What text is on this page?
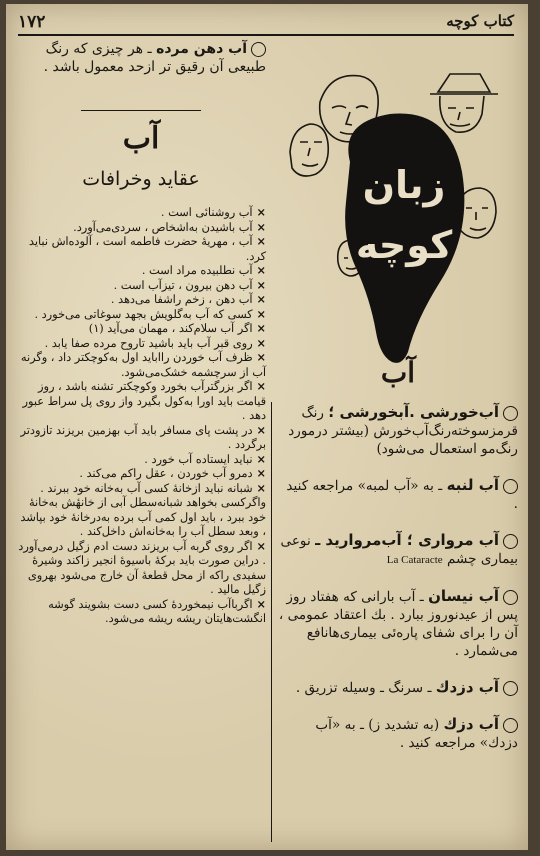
۱۷۲	کتاب کوچه
آب دهن مرده ـ هر چیزی که رنگ طبیعی آن رقیق تر ازحد معمول باشد .
آب
عقاید وخرافات
×آب روشنائی است .
×آب باشیدن به‌اشخاص ، سردی‌می‌آورد.
×آب ، مهریهٔ حضرت فاطمه است ، آلوده‌اش نباید کرد.
×آب نطلبیده مراد است .
×آب دهن بیرون ، تیزآب است .
×آب دهن ، زخم راشفا می‌دهد .
×کسی که آب به‌گلویش بجهد سوغاتی می‌خورد .
×اگر آب سلام‌کند ، مهمان می‌آید (۱)
×روی قبر آب باید باشید تاروح مرده صفا یابد .
×ظرف آب خوردن رااباید اول به‌کوچکتر داد ، وگرنه آب از سرچشمه خشک‌می‌شود.
×اگر بزرگترآب بخورد وکوچکتر تشنه باشد ، روز قیامت باید اورا به‌کول بگیرد واز روی پل سراط عبور دهد .
×در پشت پای مسافر باید آب بهزمین بریزند تازودتر برگردد .
×نباید ایستاده آب خورد .
×دمرو آب خوردن ، عقل راکم می‌کند .
×شبانه نباید ازخانهٔ کسی آب به‌خانه خود ببرند . واگرکسی بخواهد شبانه‌سطل آبی از خانهٔش به‌خانهٔ خود ببرد ، باید اول کمی آب برده به‌درخانهٔ خود بپاشد ، وبعد سطل آب را به‌خانه‌اش داخل‌کند .
×اگر روی گربه آب بریزند دست ادم زگیل درمی‌آورد . دراین صورت باید برکهٔ باسیوهٔ انجیر زاکند وشیرهٔ سفیدی راکه از محل قطعهٔ آن خارج می‌شود بهروی زگیل مالید .
×اگرباآب نیمخوردهٔ کسی دست بشویند گوشه انگشت‌هایتان ریشه ریشه می‌شود.
زبان
کوچه
آب
آب‌خورشی .آبخورشی ؛ رنگ قرمزسوخته‌رنگ‌آب‌خورش (بیشتر درمورد رنگ‌مو استعمال می‌شود)
آب لنبه ـ به «آب لمبه» مراجعه کنید .
آب مرواری ؛ آب‌مروارید ـ نوعی بیماری چشم La Cataracte
آب نیسان ـ آب بارانی که هفتاد روز پس از عیدنوروز ببارد . بك اعتقاد عمومی ، آن را برای شفای پاره‌ئی بیماری‌هانافع می‌شمارد .
آب دزدك ـ سرنگ ـ وسیله تزریق .
آب دزك (به تشدید ز) ـ به «آب دزدك» مراجعه کنید .
